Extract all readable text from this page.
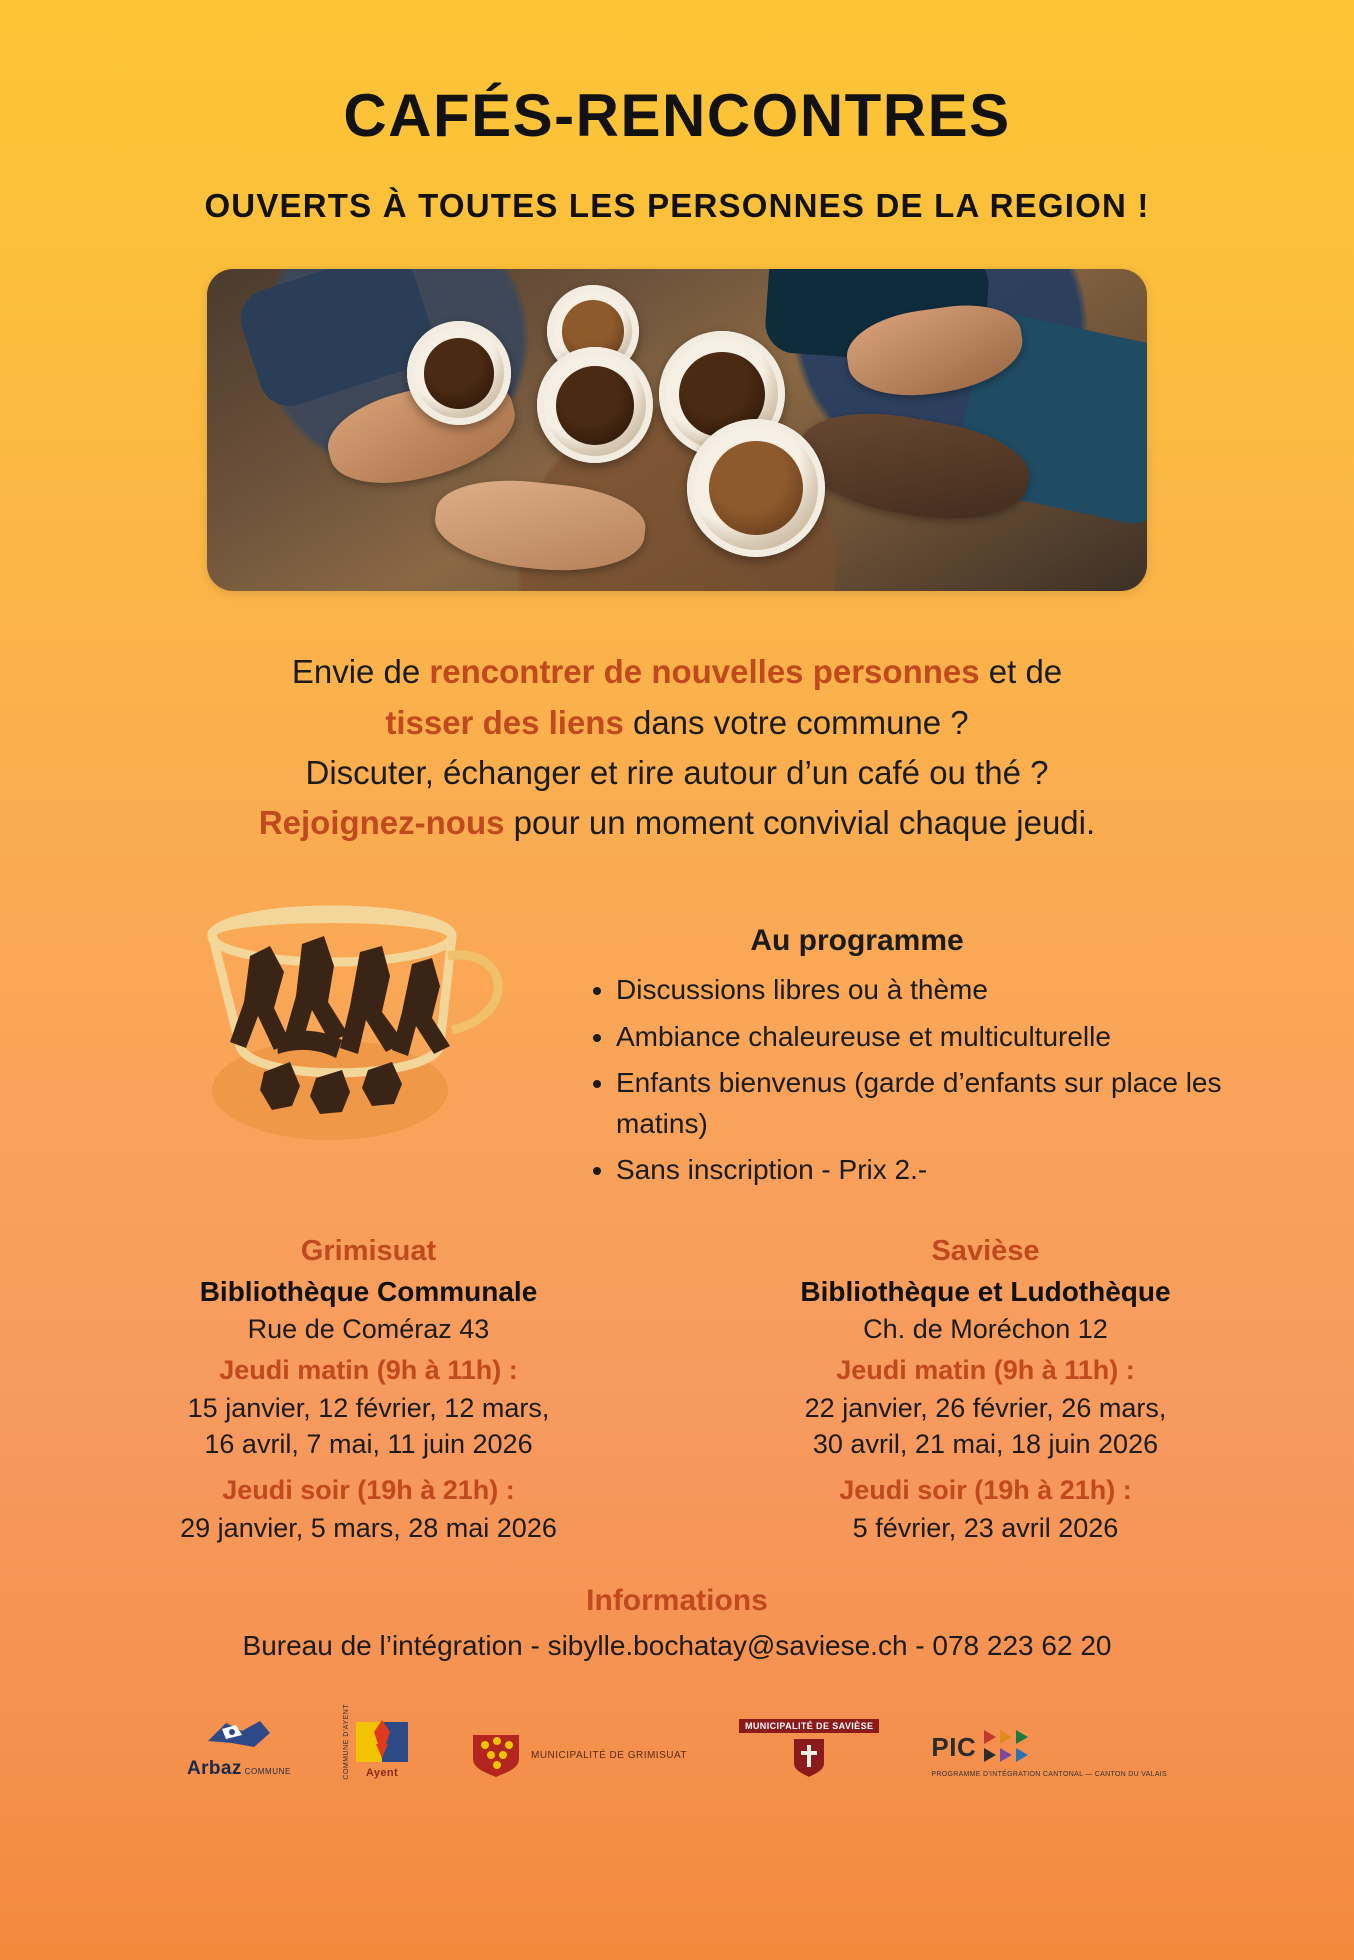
CAFÉS-RENCONTRES
OUVERTS À TOUTES LES PERSONNES DE LA REGION !
Envie de rencontrer de nouvelles personnes et de
tisser des liens dans votre commune ?
Discuter, échanger et rire autour d’un café ou thé ?
Rejoignez-nous pour un moment convivial chaque jeudi.
Au programme
• Discussions libres ou à thème
• Ambiance chaleureuse et multiculturelle
• Enfants bienvenus (garde d’enfants sur place les matins)
• Sans inscription - Prix 2.-
Grimisuat
Bibliothèque Communale
Rue de Coméraz 43
Jeudi matin (9h à 11h) :
15 janvier, 12 février, 12 mars,
16 avril, 7 mai, 11 juin 2026
Jeudi soir (19h à 21h) :
29 janvier, 5 mars, 28 mai 2026
Savièse
Bibliothèque et Ludothèque
Ch. de Moréchon 12
Jeudi matin (9h à 11h) :
22 janvier, 26 février, 26 mars,
30 avril, 21 mai, 18 juin 2026
Jeudi soir (19h à 21h) :
5 février, 23 avril 2026
Informations
Bureau de l’intégration - sibylle.bochatay@saviese.ch - 078 223 62 20
Arbaz COMMUNE	COMMUNE D'AYENT	Ayent
MUNICIPALITÉ DE GRIMISUAT
MUNICIPALITÉ DE SAVIÈSE
PIC
PROGRAMME D'INTÉGRATION CANTONAL — CANTON DU VALAIS
